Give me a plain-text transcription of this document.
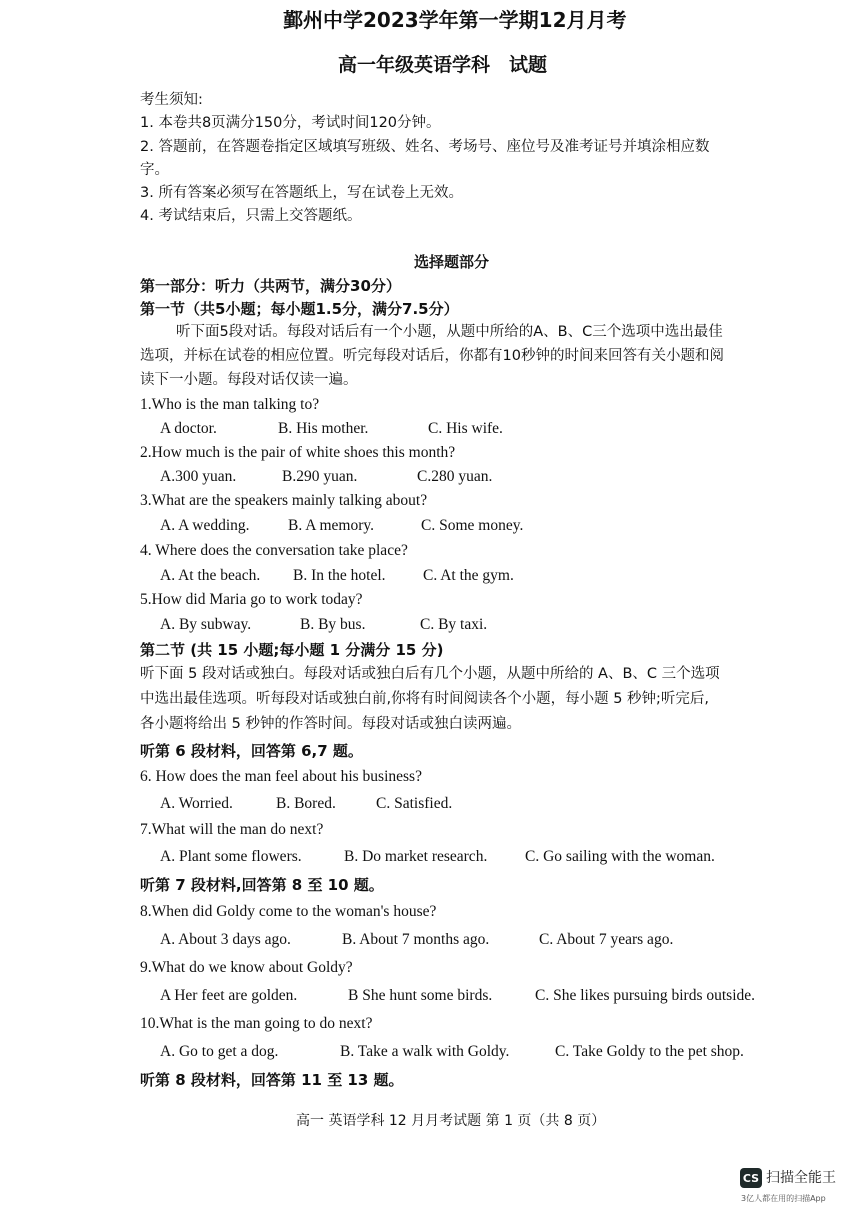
鄞州中学2023学年第一学期12月月考
高一年级英语学科　试题
考生须知:
1. 本卷共8页满分150分，考试时间120分钟。
2. 答题前，在答题卷指定区域填写班级、姓名、考场号、座位号及准考证号并填涂相应数
字。
3. 所有答案必须写在答题纸上，写在试卷上无效。
4. 考试结束后，只需上交答题纸。
选择题部分
第一部分：听力（共两节，满分30分）
第一节（共5小题；每小题1.5分，满分7.5分）
听下面5段对话。每段对话后有一个小题，从题中所给的A、B、C三个选项中选出最佳
选项，并标在试卷的相应位置。听完每段对话后，你都有10秒钟的时间来回答有关小题和阅
读下一小题。每段对话仅读一遍。
1.Who is the man talking to?
A doctor.	B. His mother.	C. His wife.
2.How much is the pair of white shoes this month?
A.300 yuan.	B.290 yuan.	C.280 yuan.
3.What are the speakers mainly talking about?
A. A wedding. B. A memory.	C. Some money.
4. Where does the conversation take place?
A. At the beach. B. In the hotel. C. At the gym.
5.How did Maria go to work today?
A. By subway.	B. By bus.	C. By taxi.
第二节 (共 15 小题;每小题 1 分满分 15 分)
听下面 5 段对话或独白。每段对话或独白后有几个小题，从题中所给的 A、B、C 三个选项
中选出最佳选项。听每段对话或独白前,你将有时间阅读各个小题，每小题 5 秒钟;听完后,
各小题将给出 5 秒钟的作答时间。每段对话或独白读两遍。
听第 6 段材料，回答第 6,7 题。
6. How does the man feel about his business?
A. Worried.	B. Bored.	C. Satisfied.
7.What will the man do next?
A. Plant some flowers.	B. Do market research. C. Go sailing with the woman.
听第 7 段材料,回答第 8 至 10 题。
8.When did Goldy come to the woman's house?
A. About 3 days ago.	B. About 7 months ago.	C. About 7 years ago.
9.What do we know about Goldy?
A Her feet are golden.	B She hunt some birds.	C. She likes pursuing birds outside.
10.What is the man going to do next?
A. Go to get a dog.	B. Take a walk with Goldy.	C. Take Goldy to the pet shop.
听第 8 段材料，回答第 11 至 13 题。
高一 英语学科 12 月月考试题 第 1 页（共 8 页）
CS 扫描全能王
3亿人都在用的扫描App
